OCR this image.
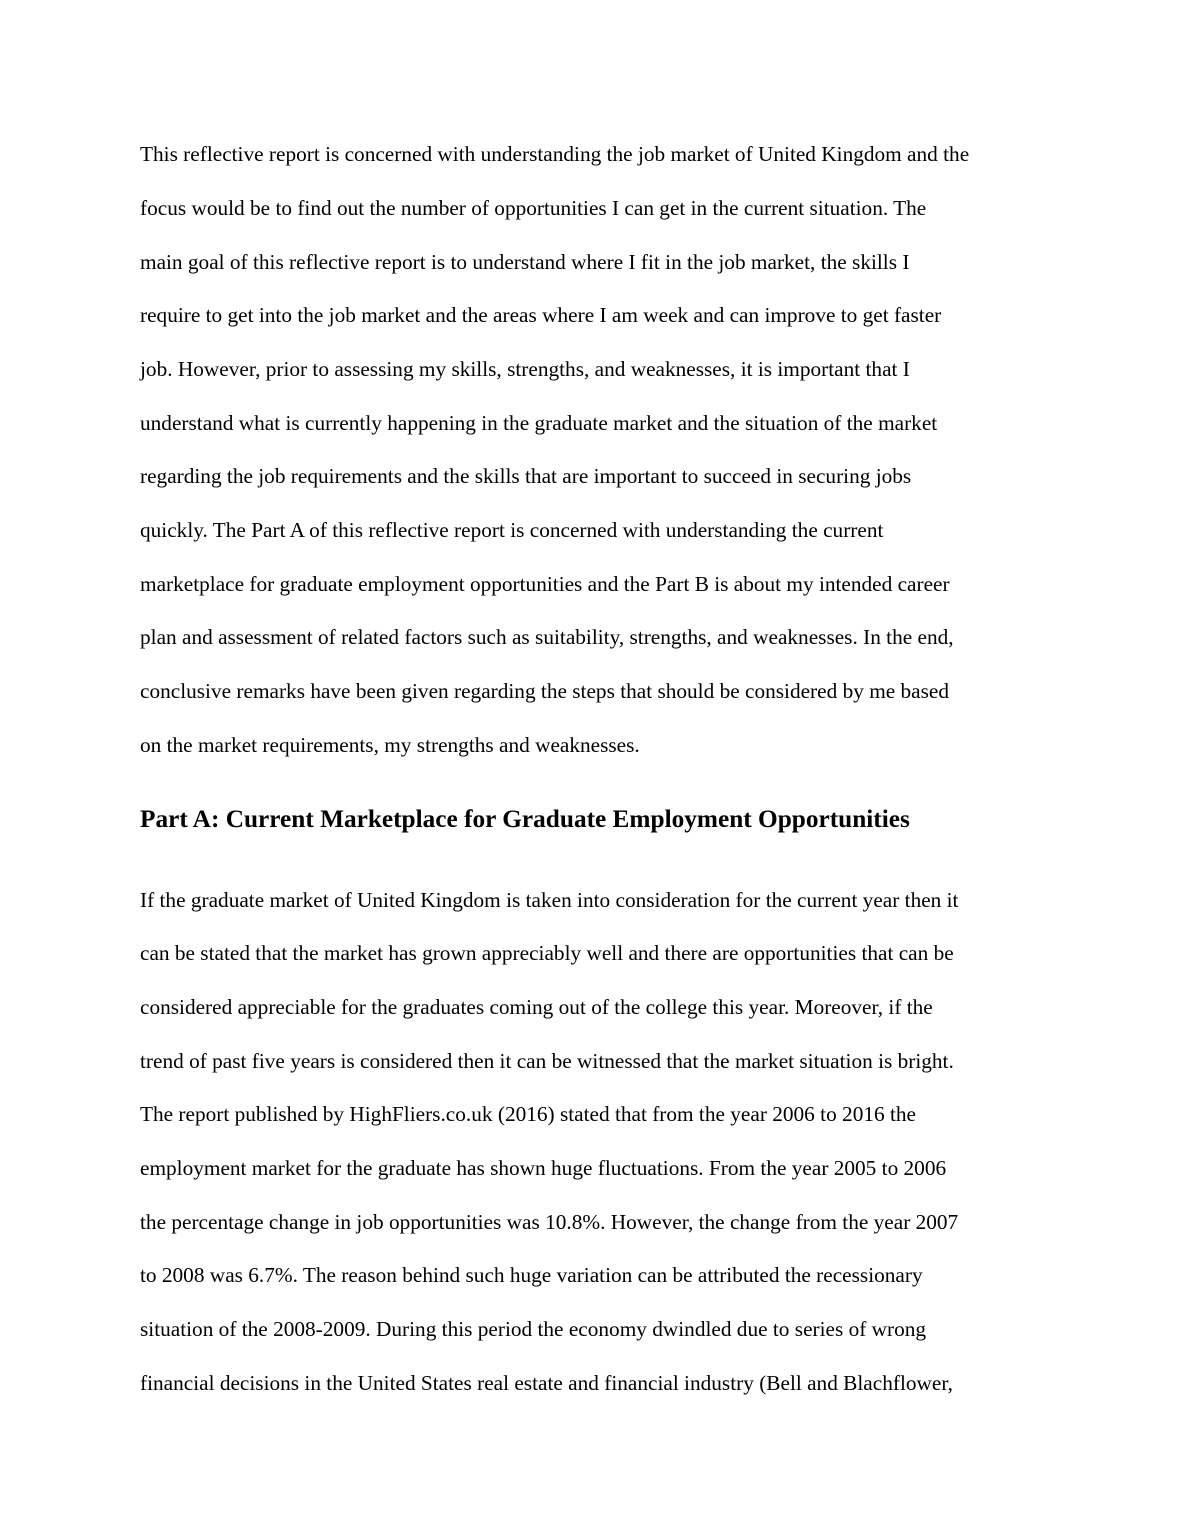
This reflective report is concerned with understanding the job market of United Kingdom and the

focus would be to find out the number of opportunities I can get in the current situation. The

main goal of this reflective report is to understand where I fit in the job market, the skills I

require to get into the job market and the areas where I am week and can improve to get faster

job. However, prior to assessing my skills, strengths, and weaknesses, it is important that I

understand what is currently happening in the graduate market and the situation of the market

regarding the job requirements and the skills that are important to succeed in securing jobs

quickly. The Part A of this reflective report is concerned with understanding the current

marketplace for graduate employment opportunities and the Part B is about my intended career

plan and assessment of related factors such as suitability, strengths, and weaknesses. In the end,

conclusive remarks have been given regarding the steps that should be considered by me based

on the market requirements, my strengths and weaknesses.

Part A: Current Marketplace for Graduate Employment Opportunities

If the graduate market of United Kingdom is taken into consideration for the current year then it

can be stated that the market has grown appreciably well and there are opportunities that can be

considered appreciable for the graduates coming out of the college this year. Moreover, if the

trend of past five years is considered then it can be witnessed that the market situation is bright.

The report published by HighFliers.co.uk (2016) stated that from the year 2006 to 2016 the

employment market for the graduate has shown huge fluctuations. From the year 2005 to 2006

the percentage change in job opportunities was 10.8%. However, the change from the year 2007

to 2008 was 6.7%. The reason behind such huge variation can be attributed the recessionary

situation of the 2008-2009. During this period the economy dwindled due to series of wrong

financial decisions in the United States real estate and financial industry (Bell and Blachflower,
